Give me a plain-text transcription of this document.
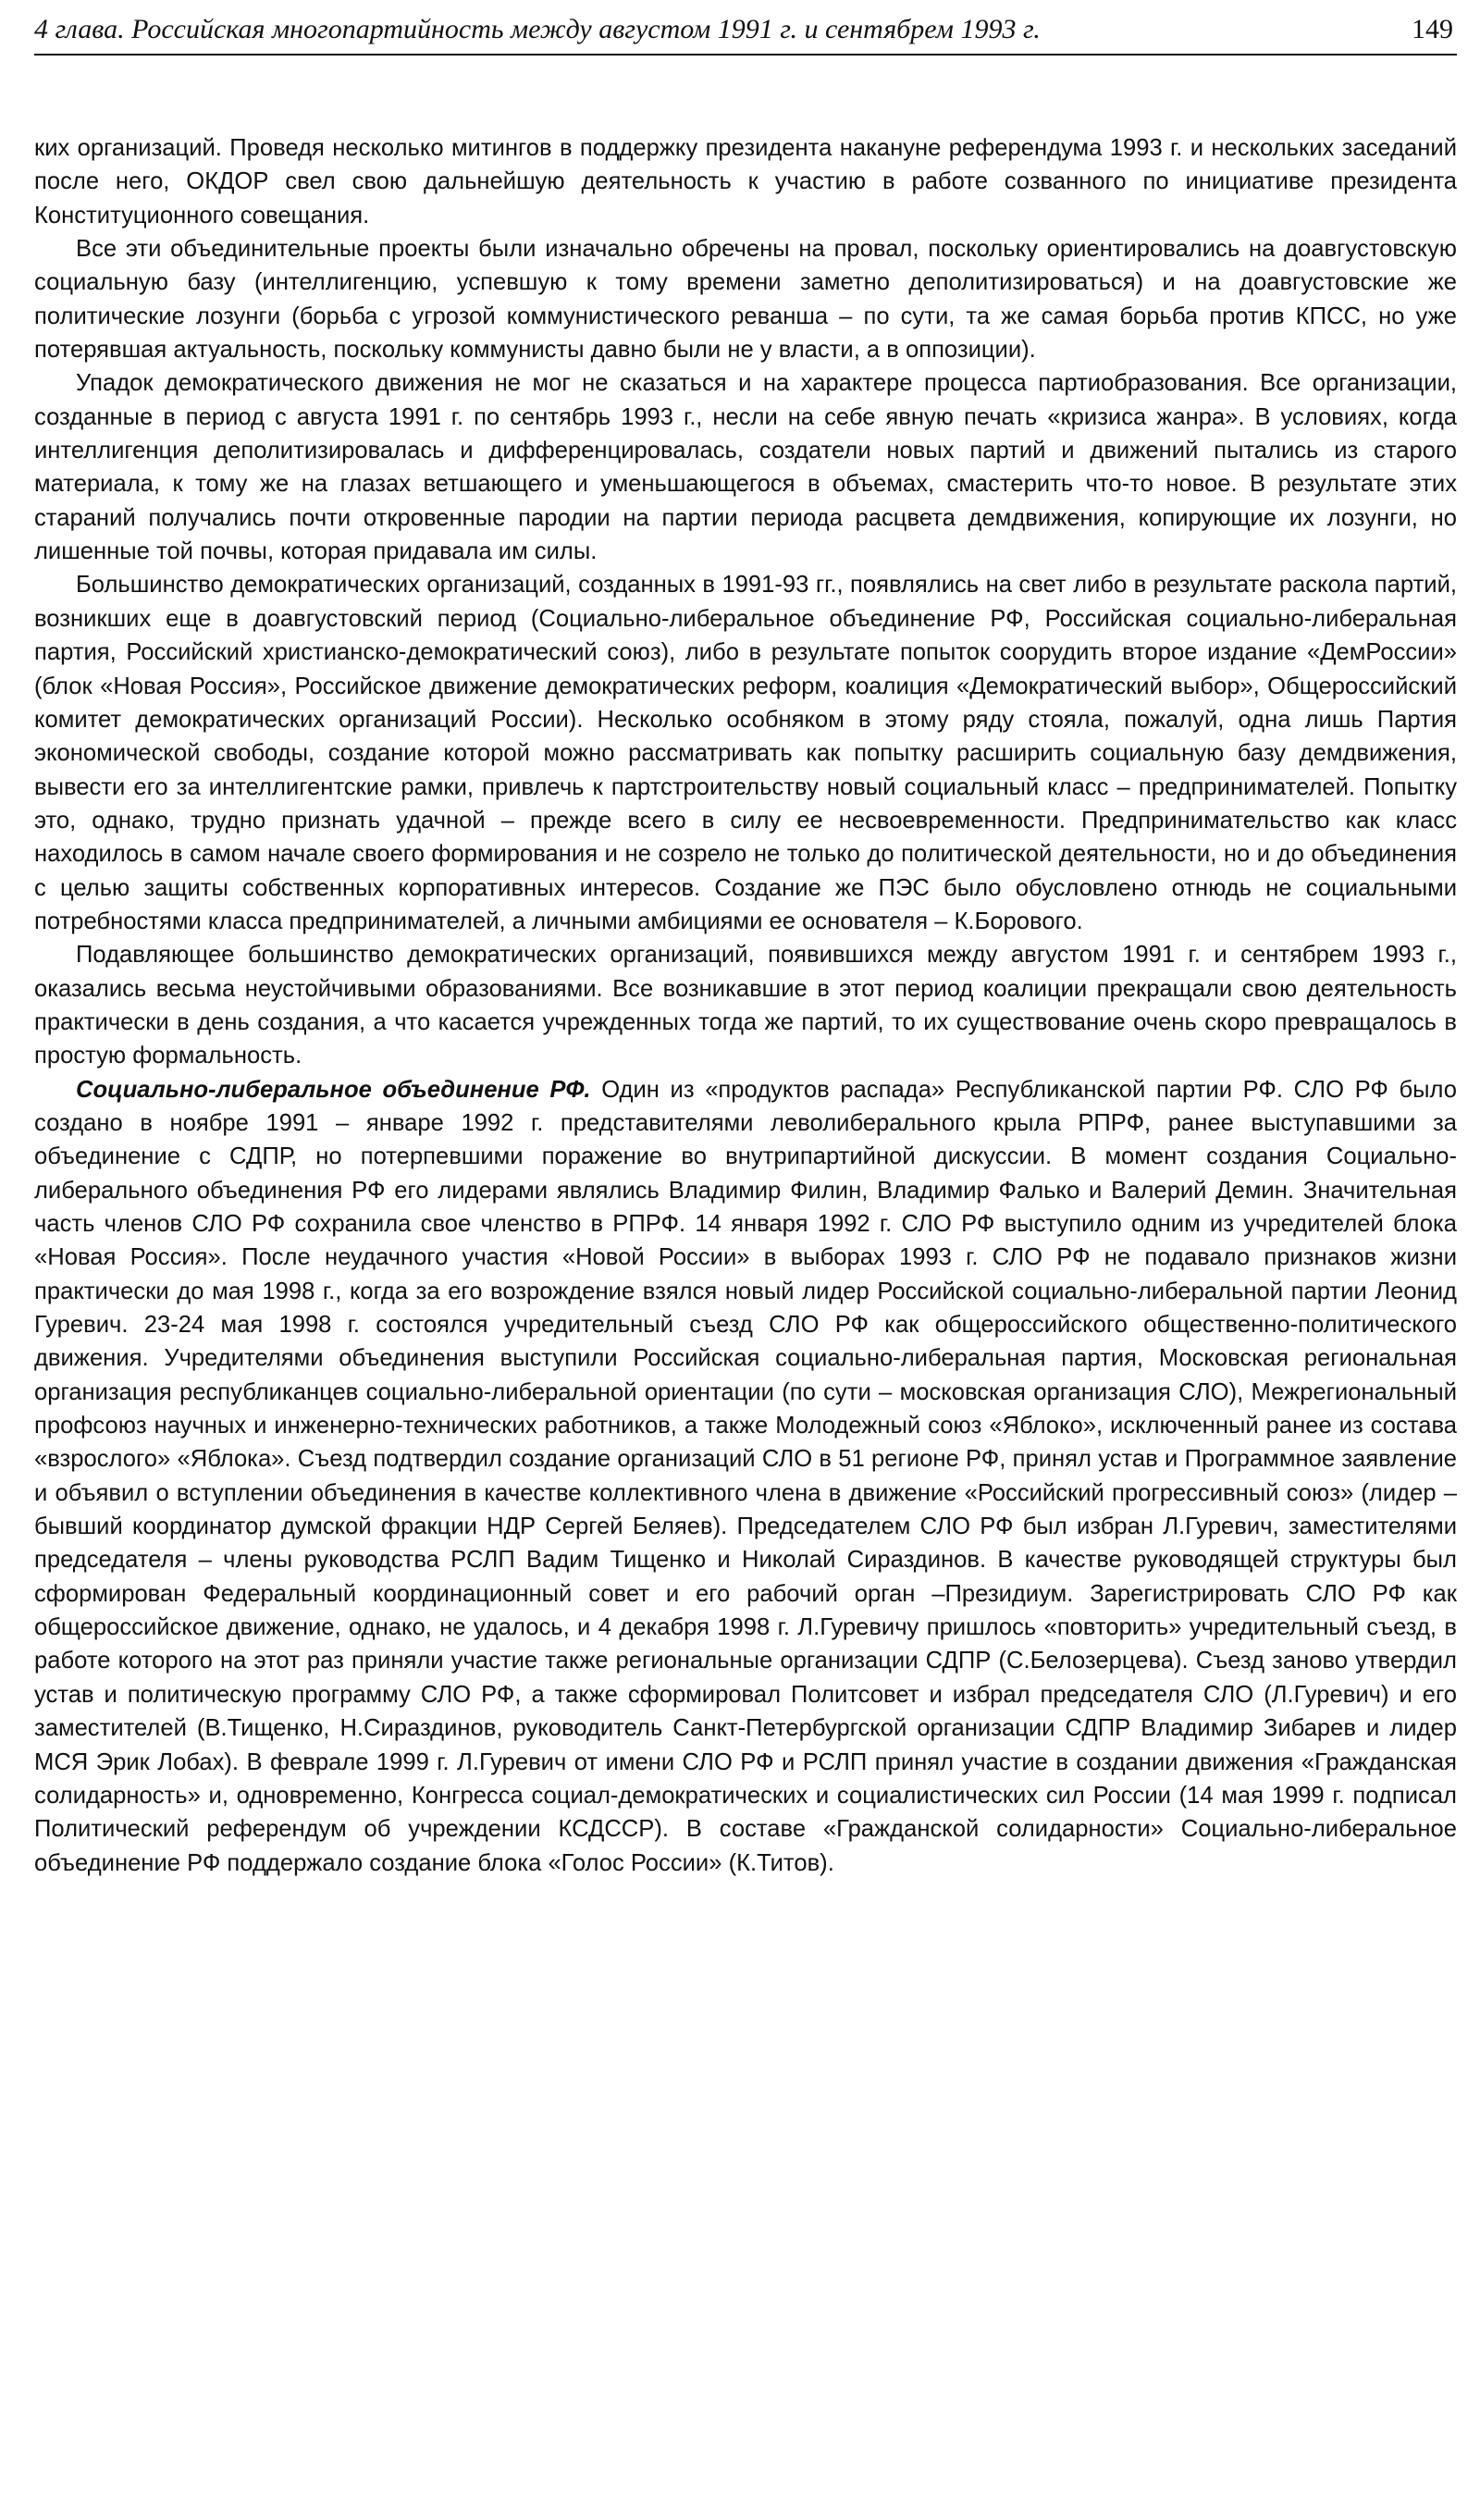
4 глава. Российская многопартийность между августом 1991 г. и сентябрем 1993 г.	149

ких организаций. Проведя несколько митингов в поддержку президента накануне референдума 1993 г. и нескольких заседаний после него, ОКДОР свел свою дальнейшую деятельность к участию в работе созванного по инициативе президента Конституционного совещания.

Все эти объединительные проекты были изначально обречены на провал, поскольку ориентировались на доавгустовскую социальную базу (интеллигенцию, успевшую к тому времени заметно деполитизироваться) и на доавгустовские же политические лозунги (борьба с угрозой коммунистического реванша – по сути, та же самая борьба против КПСС, но уже потерявшая актуальность, поскольку коммунисты давно были не у власти, а в оппозиции).

Упадок демократического движения не мог не сказаться и на характере процесса партиобразования. Все организации, созданные в период с августа 1991 г. по сентябрь 1993 г., несли на себе явную печать «кризиса жанра». В условиях, когда интеллигенция деполитизировалась и дифференцировалась, создатели новых партий и движений пытались из старого материала, к тому же на глазах ветшающего и уменьшающегося в объемах, смастерить что-то новое. В результате этих стараний получались почти откровенные пародии на партии периода расцвета демдвижения, копирующие их лозунги, но лишенные той почвы, которая придавала им силы.

Большинство демократических организаций, созданных в 1991-93 гг., появлялись на свет либо в результате раскола партий, возникших еще в доавгустовский период (Социально-либеральное объединение РФ, Российская социально-либеральная партия, Российский христианско-демократический союз), либо в результате попыток соорудить второе издание «ДемРоссии» (блок «Новая Россия», Российское движение демократических реформ, коалиция «Демократический выбор», Общероссийский комитет демократических организаций России). Несколько особняком в этому ряду стояла, пожалуй, одна лишь Партия экономической свободы, создание которой можно рассматривать как попытку расширить социальную базу демдвижения, вывести его за интеллигентские рамки, привлечь к партстроительству новый социальный класс – предпринимателей. Попытку это, однако, трудно признать удачной – прежде всего в силу ее несвоевременности. Предпринимательство как класс находилось в самом начале своего формирования и не созрело не только до политической деятельности, но и до объединения с целью защиты собственных корпоративных интересов. Создание же ПЭС было обусловлено отнюдь не социальными потребностями класса предпринимателей, а личными амбициями ее основателя – К.Борового.

Подавляющее большинство демократических организаций, появившихся между августом 1991 г. и сентябрем 1993 г., оказались весьма неустойчивыми образованиями. Все возникавшие в этот период коалиции прекращали свою деятельность практически в день создания, а что касается учрежденных тогда же партий, то их существование очень скоро превращалось в простую формальность.

Социально-либеральное объединение РФ. Один из «продуктов распада» Республиканской партии РФ. СЛО РФ было создано в ноябре 1991 – январе 1992 г. представителями леволиберального крыла РПРФ, ранее выступавшими за объединение с СДПР, но потерпевшими поражение во внутрипартийной дискуссии. В момент создания Социально-либерального объединения РФ его лидерами являлись Владимир Филин, Владимир Фалько и Валерий Демин. Значительная часть членов СЛО РФ сохранила свое членство в РПРФ. 14 января 1992 г. СЛО РФ выступило одним из учредителей блока «Новая Россия». После неудачного участия «Новой России» в выборах 1993 г. СЛО РФ не подавало признаков жизни практически до мая 1998 г., когда за его возрождение взялся новый лидер Российской социально-либеральной партии Леонид Гуревич. 23-24 мая 1998 г. состоялся учредительный съезд СЛО РФ как общероссийского общественно-политического движения. Учредителями объединения выступили Российская социально-либеральная партия, Московская региональная организация республиканцев социально-либеральной ориентации (по сути – московская организация СЛО), Межрегиональный профсоюз научных и инженерно-технических работников, а также Молодежный союз «Яблоко», исключенный ранее из состава «взрослого» «Яблока». Съезд подтвердил создание организаций СЛО в 51 регионе РФ, принял устав и Программное заявление и объявил о вступлении объединения в качестве коллективного члена в движение «Российский прогрессивный союз» (лидер – бывший координатор думской фракции НДР Сергей Беляев). Председателем СЛО РФ был избран Л.Гуревич, заместителями председателя – члены руководства РСЛП Вадим Тищенко и Николай Сираздинов. В качестве руководящей структуры был сформирован Федеральный координационный совет и его рабочий орган –Президиум. Зарегистрировать СЛО РФ как общероссийское движение, однако, не удалось, и 4 декабря 1998 г. Л.Гуревичу пришлось «повторить» учредительный съезд, в работе которого на этот раз приняли участие также региональные организации СДПР (С.Белозерцева). Съезд заново утвердил устав и политическую программу СЛО РФ, а также сформировал Политсовет и избрал председателя СЛО (Л.Гуревич) и его заместителей (В.Тищенко, Н.Сираздинов, руководитель Санкт-Петербургской организации СДПР Владимир Зибарев и лидер МСЯ Эрик Лобах). В феврале 1999 г. Л.Гуревич от имени СЛО РФ и РСЛП принял участие в создании движения «Гражданская солидарность» и, одновременно, Конгресса социал-демократических и социалистических сил России (14 мая 1999 г. подписал Политический референдум об учреждении КСДССР). В составе «Гражданской солидарности» Социально-либеральное объединение РФ поддержало создание блока «Голос России» (К.Титов).
